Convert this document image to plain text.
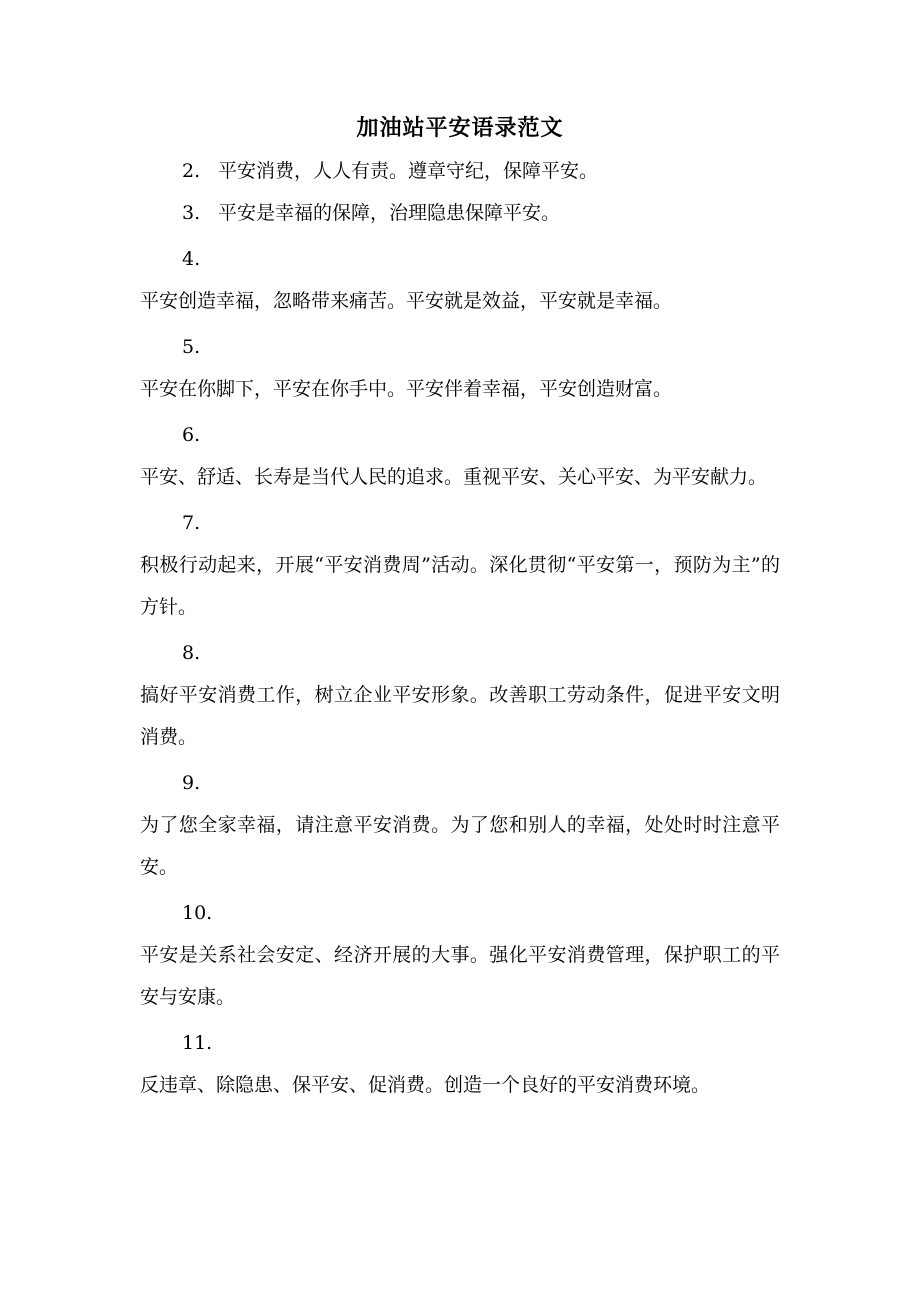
加油站平安语录范文
2. 平安消费，人人有责。遵章守纪，保障平安。
3. 平安是幸福的保障，治理隐患保障平安。
4.
平安创造幸福，忽略带来痛苦。平安就是效益，平安就是幸福。
5.
平安在你脚下，平安在你手中。平安伴着幸福，平安创造财富。
6.
平安、舒适、长寿是当代人民的追求。重视平安、关心平安、为平安献力。
7.
积极行动起来，开展“平安消费周”活动。深化贯彻“平安第一，预防为主”的方针。
8.
搞好平安消费工作，树立企业平安形象。改善职工劳动条件，促进平安文明消费。
9.
为了您全家幸福，请注意平安消费。为了您和别人的幸福，处处时时注意平安。
10.
平安是关系社会安定、经济开展的大事。强化平安消费管理，保护职工的平安与安康。
11.
反违章、除隐患、保平安、促消费。创造一个良好的平安消费环境。
